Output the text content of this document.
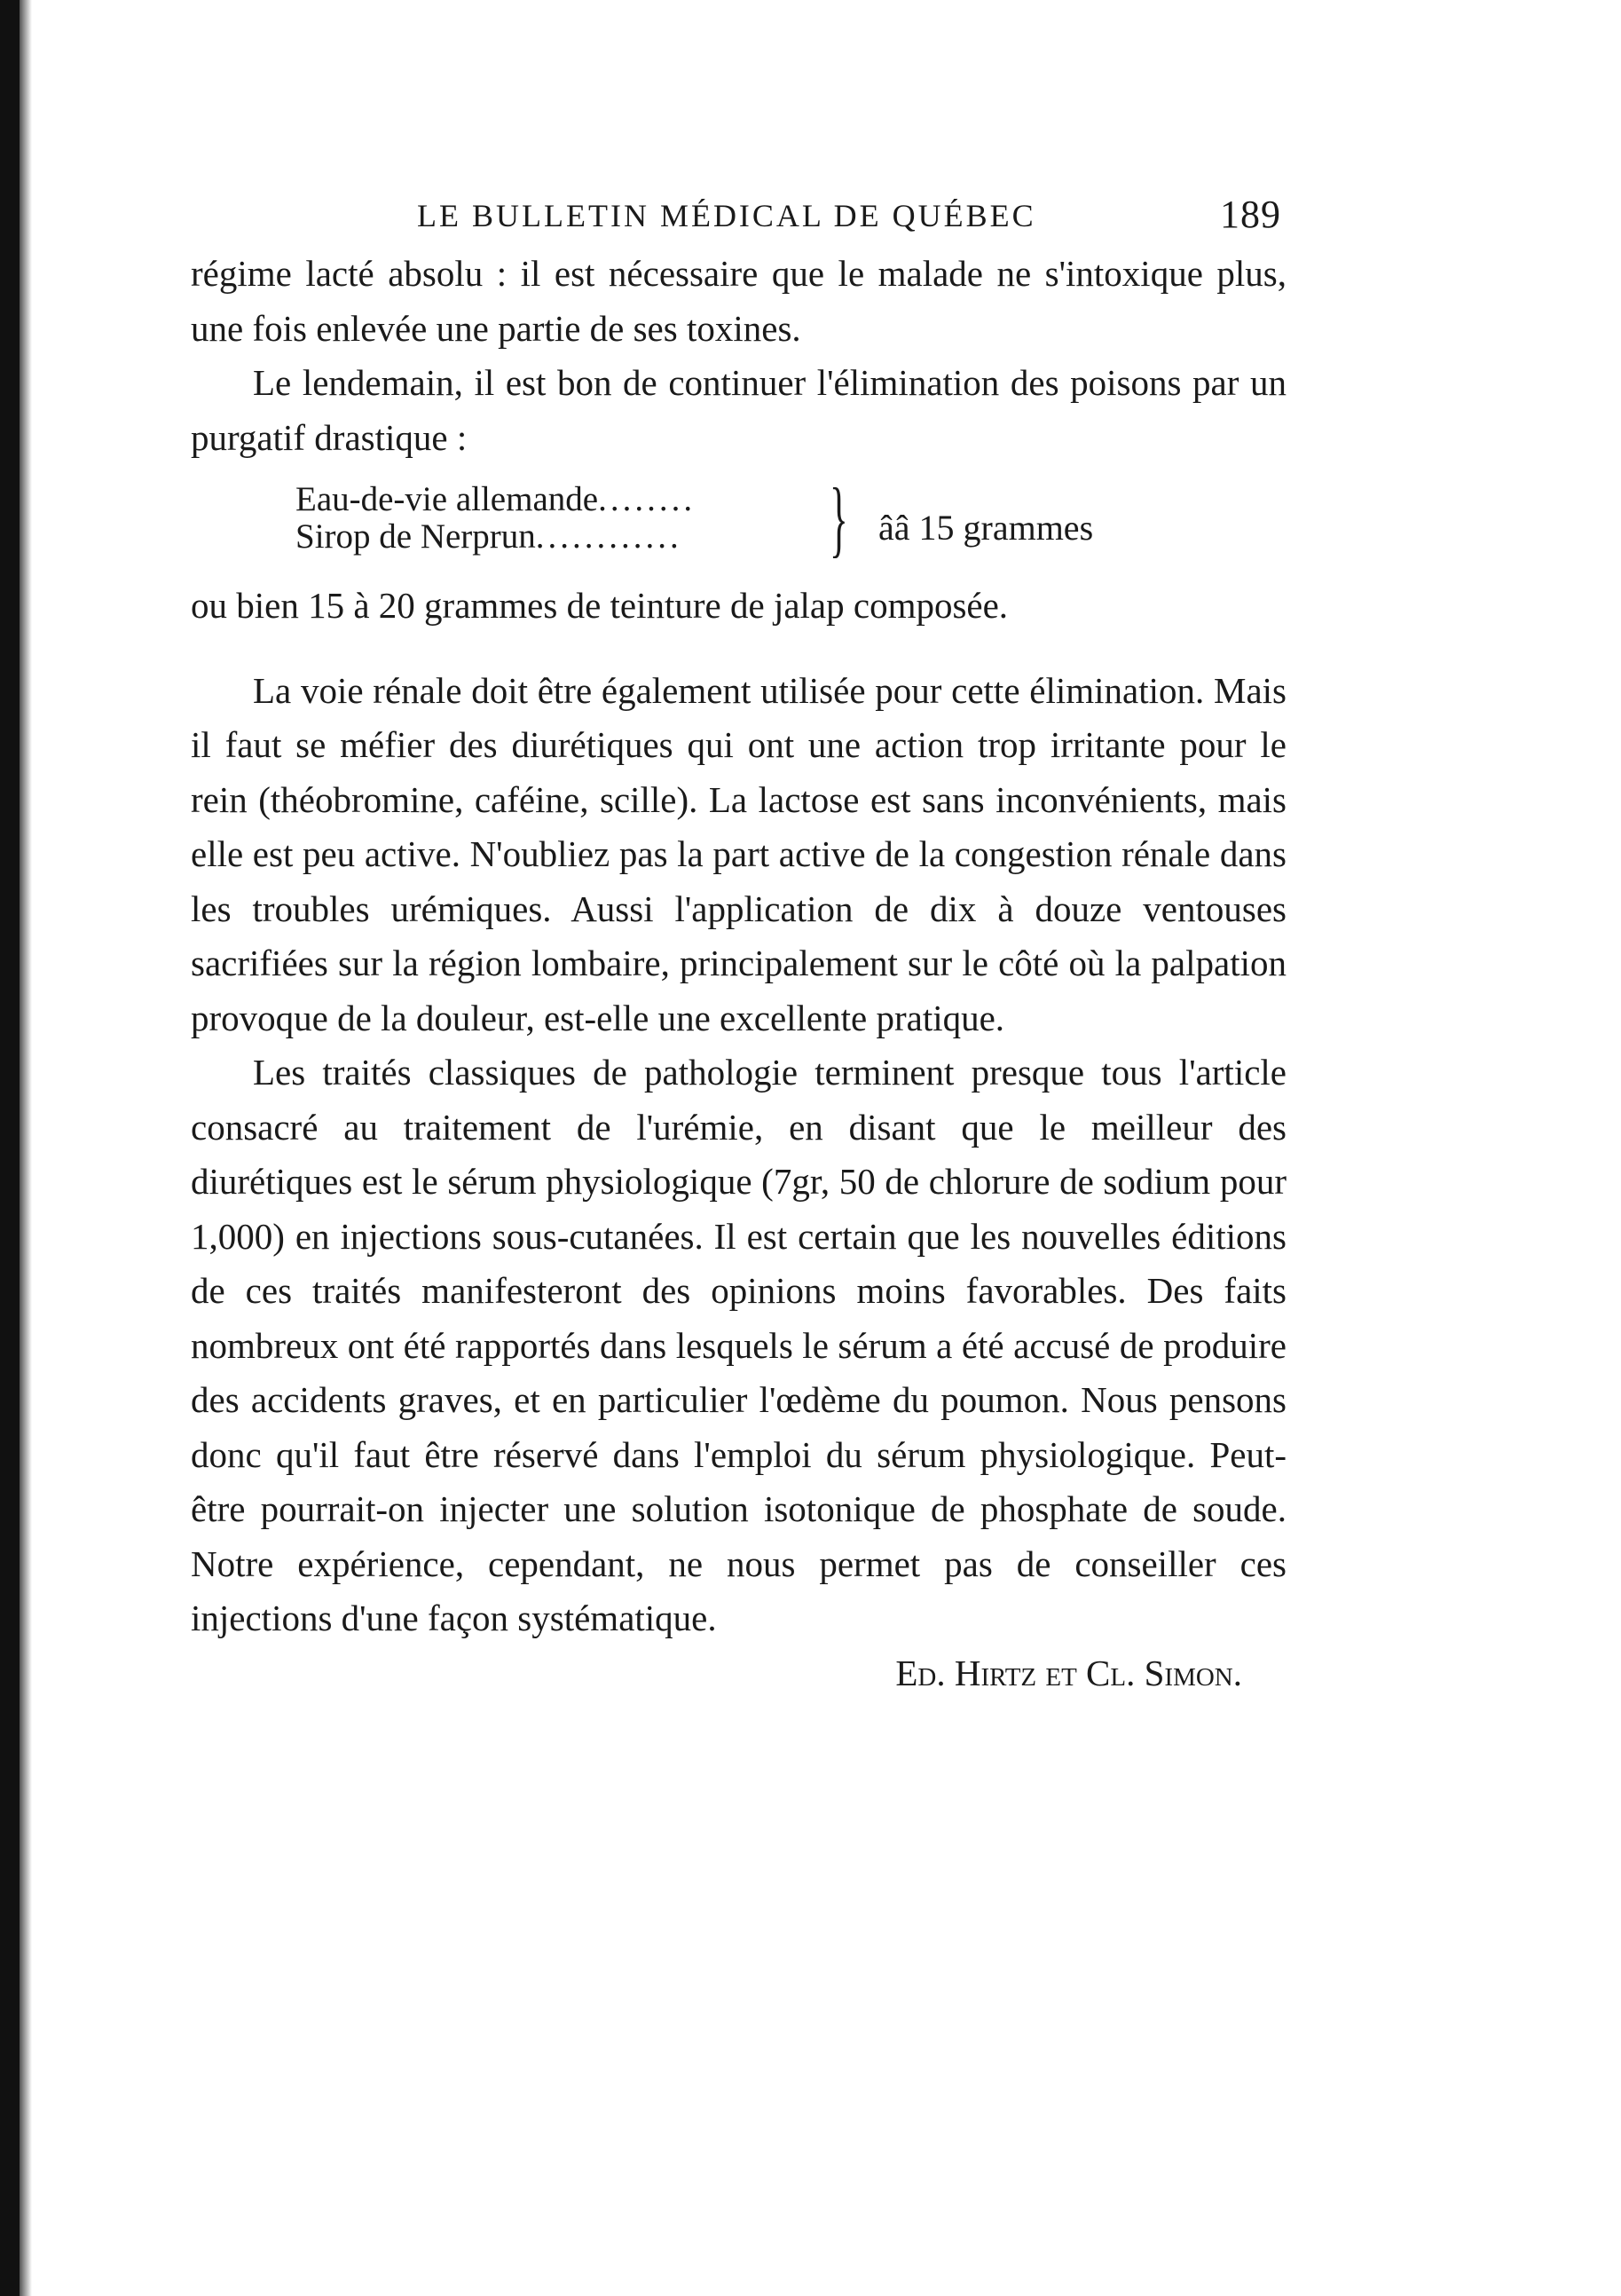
LE BULLETIN MÉDICAL DE QUÉBEC	189

régime lacté absolu : il est nécessaire que le malade ne s'intoxique plus, une fois enlevée une partie de ses toxines.

Le lendemain, il est bon de continuer l'élimination des poisons par un purgatif drastique :

Eau-de-vie allemande........
Sirop de Nerprun............ } ââ 15 grammes

ou bien 15 à 20 grammes de teinture de jalap composée.

La voie rénale doit être également utilisée pour cette élimination. Mais il faut se méfier des diurétiques qui ont une action trop irritante pour le rein (théobromine, caféine, scille). La lactose est sans inconvénients, mais elle est peu active. N'oubliez pas la part active de la congestion rénale dans les troubles urémiques. Aussi l'application de dix à douze ventouses sacrifiées sur la région lombaire, principalement sur le côté où la palpation provoque de la douleur, est-elle une excellente pratique.

Les traités classiques de pathologie terminent presque tous l'article consacré au traitement de l'urémie, en disant que le meilleur des diurétiques est le sérum physiologique (7gr, 50 de chlorure de sodium pour 1,000) en injections sous-cutanées. Il est certain que les nouvelles éditions de ces traités manifesteront des opinions moins favorables. Des faits nombreux ont été rapportés dans lesquels le sérum a été accusé de produire des accidents graves, et en particulier l'œdème du poumon. Nous pensons donc qu'il faut être réservé dans l'emploi du sérum physiologique. Peut-être pourrait-on injecter une solution isotonique de phosphate de soude. Notre expérience, cependant, ne nous permet pas de conseiller ces injections d'une façon systématique.

Ed. Hirtz et Cl. Simon.
